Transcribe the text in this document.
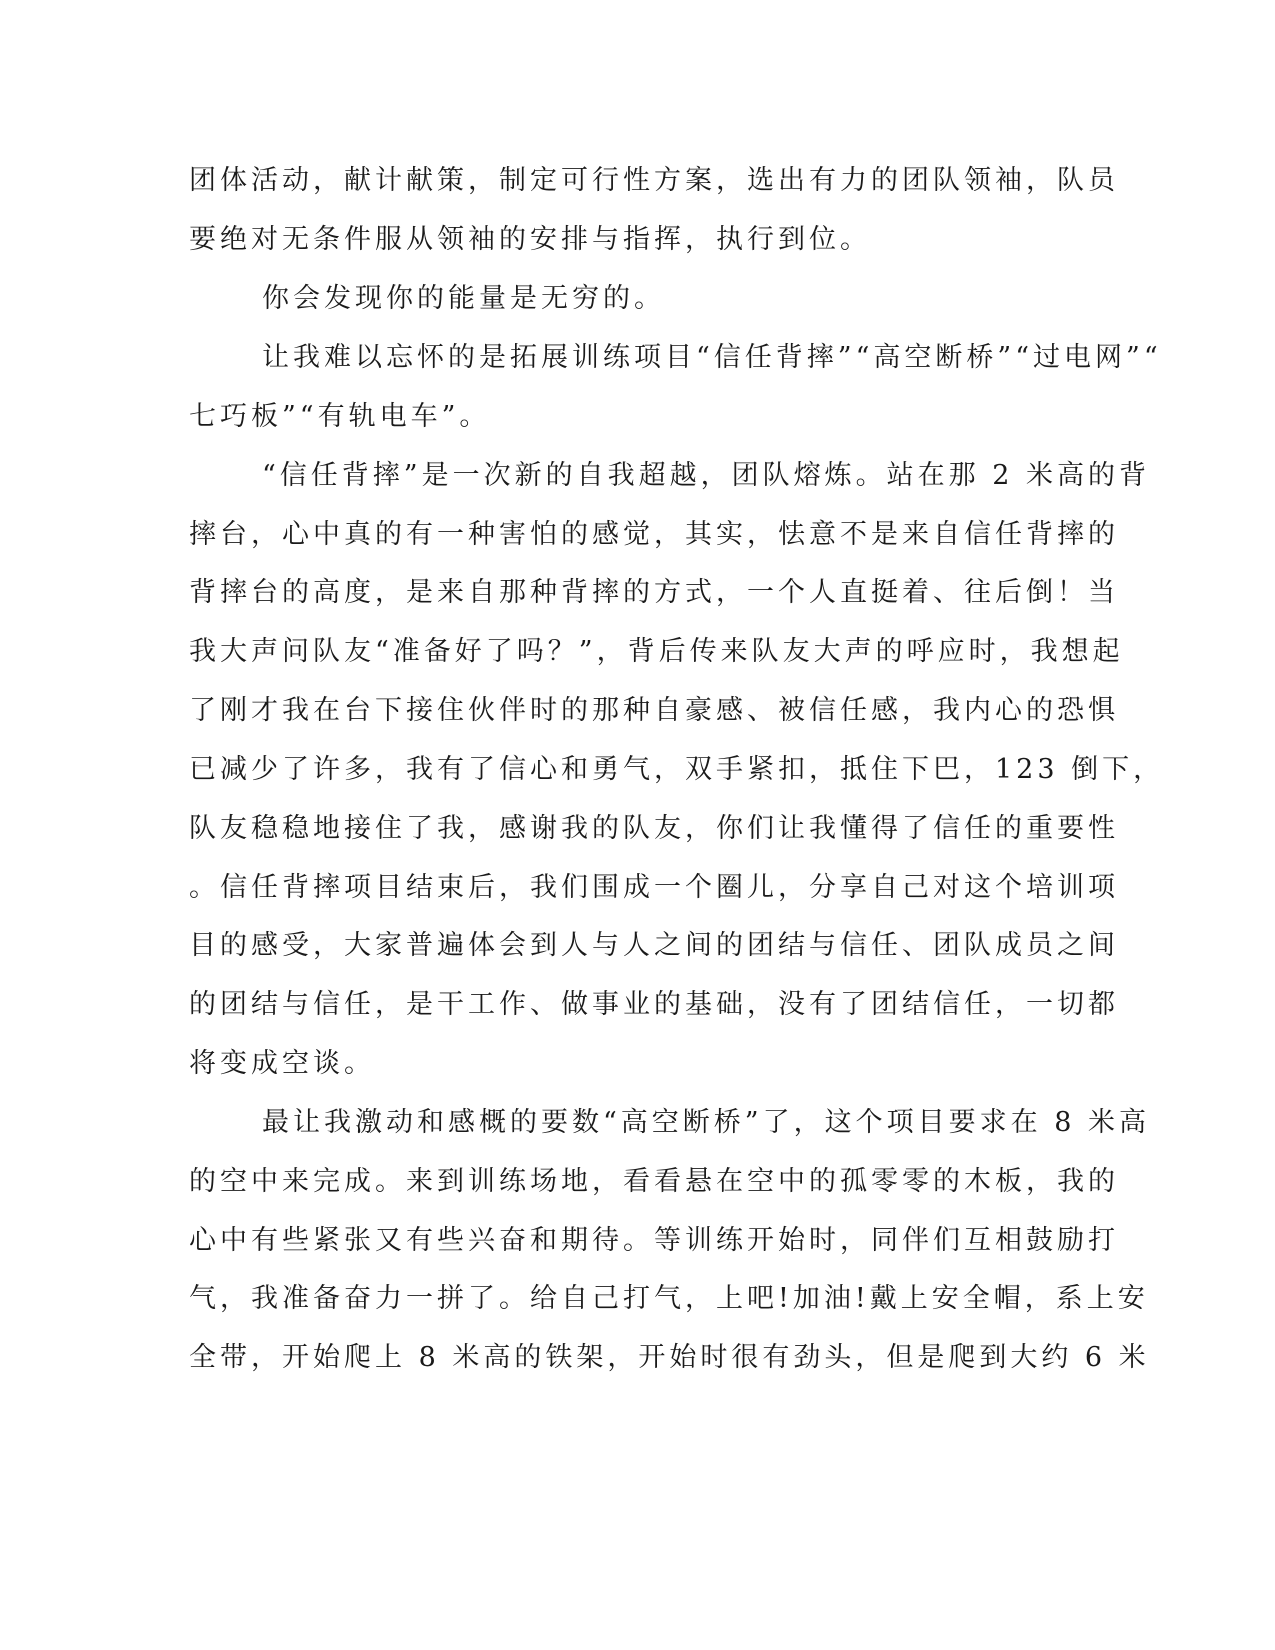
团体活动，献计献策，制定可行性方案，选出有力的团队领袖，队员
要绝对无条件服从领袖的安排与指挥，执行到位。
你会发现你的能量是无穷的。
让我难以忘怀的是拓展训练项目“信任背摔”“高空断桥”“过电网”“
七巧板”“有轨电车”。
“信任背摔”是一次新的自我超越，团队熔炼。站在那 2 米高的背
摔台，心中真的有一种害怕的感觉，其实，怯意不是来自信任背摔的
背摔台的高度，是来自那种背摔的方式，一个人直挺着、往后倒！当
我大声问队友“准备好了吗？”，背后传来队友大声的呼应时，我想起
了刚才我在台下接住伙伴时的那种自豪感、被信任感，我内心的恐惧
已减少了许多，我有了信心和勇气，双手紧扣，抵住下巴，123 倒下，
队友稳稳地接住了我，感谢我的队友，你们让我懂得了信任的重要性
。信任背摔项目结束后，我们围成一个圈儿，分享自己对这个培训项
目的感受，大家普遍体会到人与人之间的团结与信任、团队成员之间
的团结与信任，是干工作、做事业的基础，没有了团结信任，一切都
将变成空谈。
最让我激动和感概的要数“高空断桥”了，这个项目要求在 8 米高
的空中来完成。来到训练场地，看看悬在空中的孤零零的木板，我的
心中有些紧张又有些兴奋和期待。等训练开始时，同伴们互相鼓励打
气，我准备奋力一拼了。给自己打气，上吧!加油!戴上安全帽，系上安
全带，开始爬上 8 米高的铁架，开始时很有劲头，但是爬到大约 6 米
